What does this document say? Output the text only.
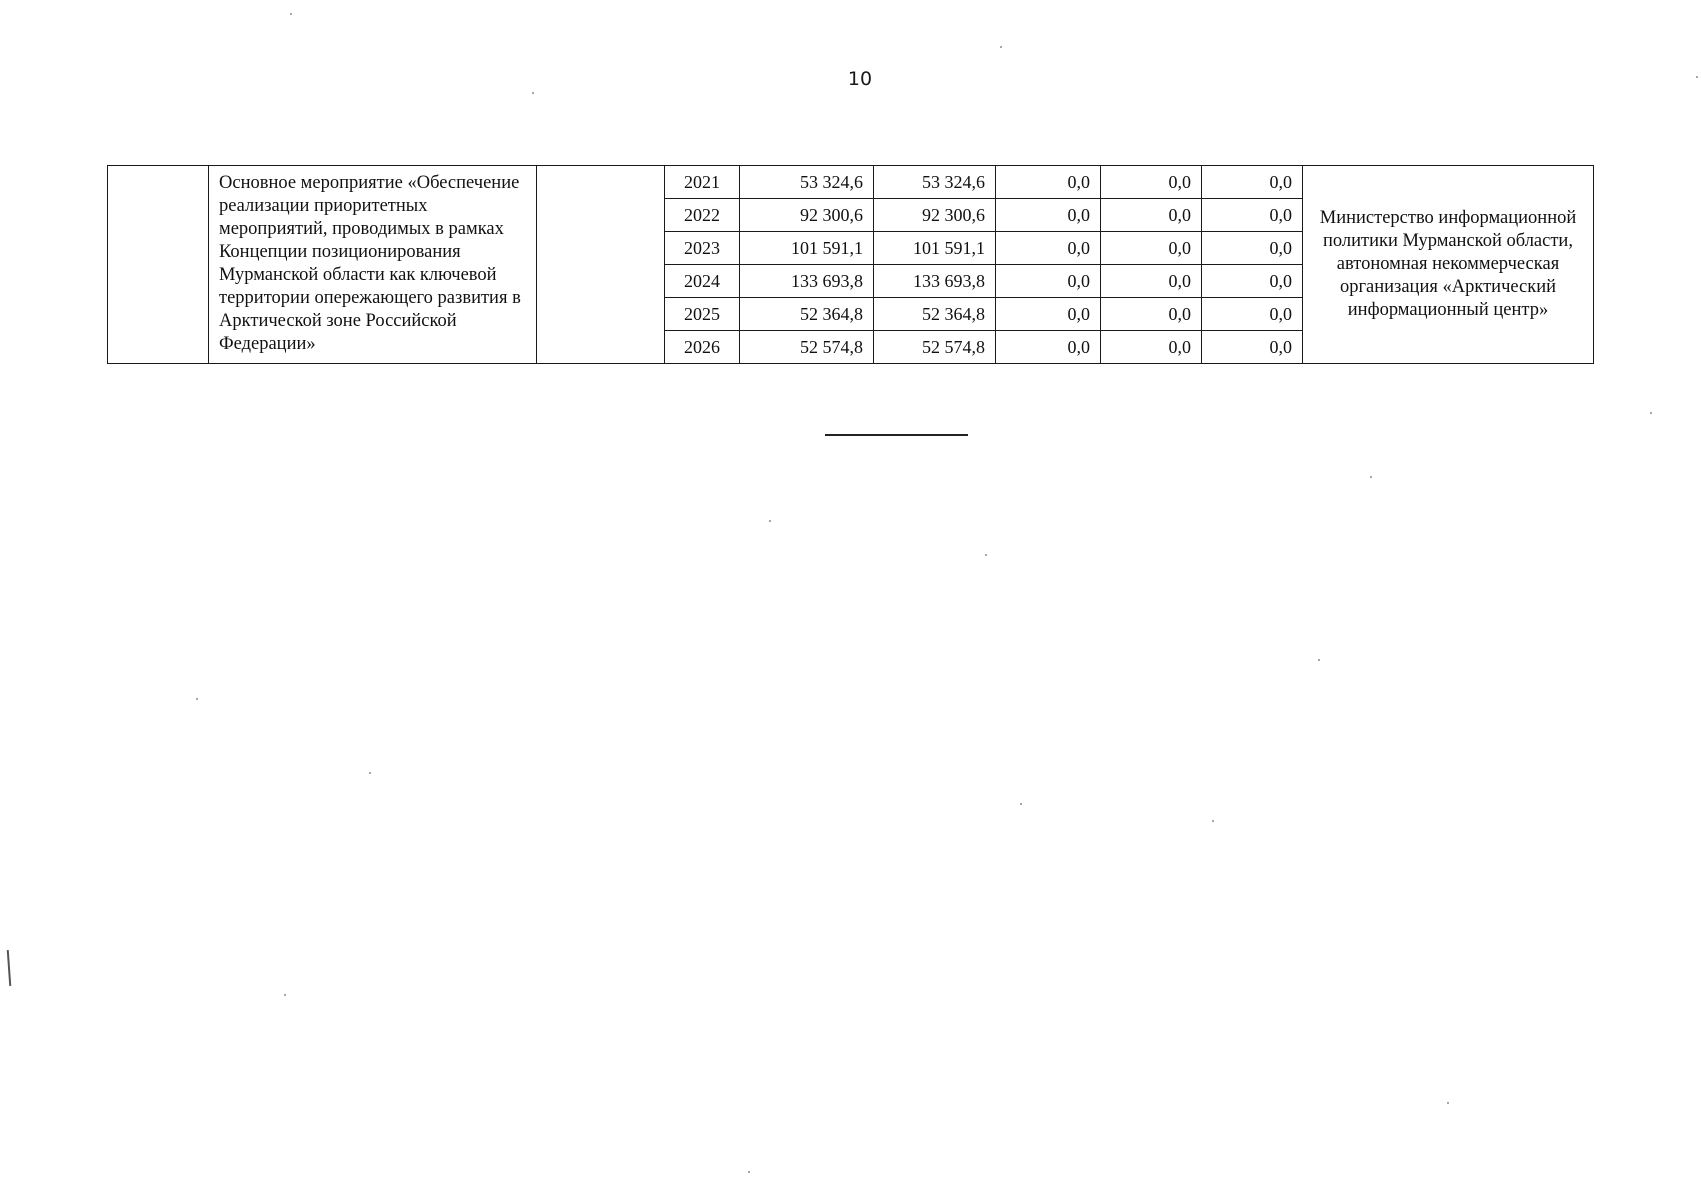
10

	Основное мероприятие «Обеспечение реализации приоритетных мероприятий, проводимых в рамках Концепции позиционирования Мурманской области как ключевой территории опережающего развития в Арктической зоне Российской Федерации»		2021	53 324,6	53 324,6	0,0	0,0	0,0	Министерство информационной политики Мурманской области, автономная некоммерческая организация «Арктический информационный центр»
			2022	92 300,6	92 300,6	0,0	0,0	0,0	
			2023	101 591,1	101 591,1	0,0	0,0	0,0	
			2024	133 693,8	133 693,8	0,0	0,0	0,0	
			2025	52 364,8	52 364,8	0,0	0,0	0,0	
			2026	52 574,8	52 574,8	0,0	0,0	0,0	
